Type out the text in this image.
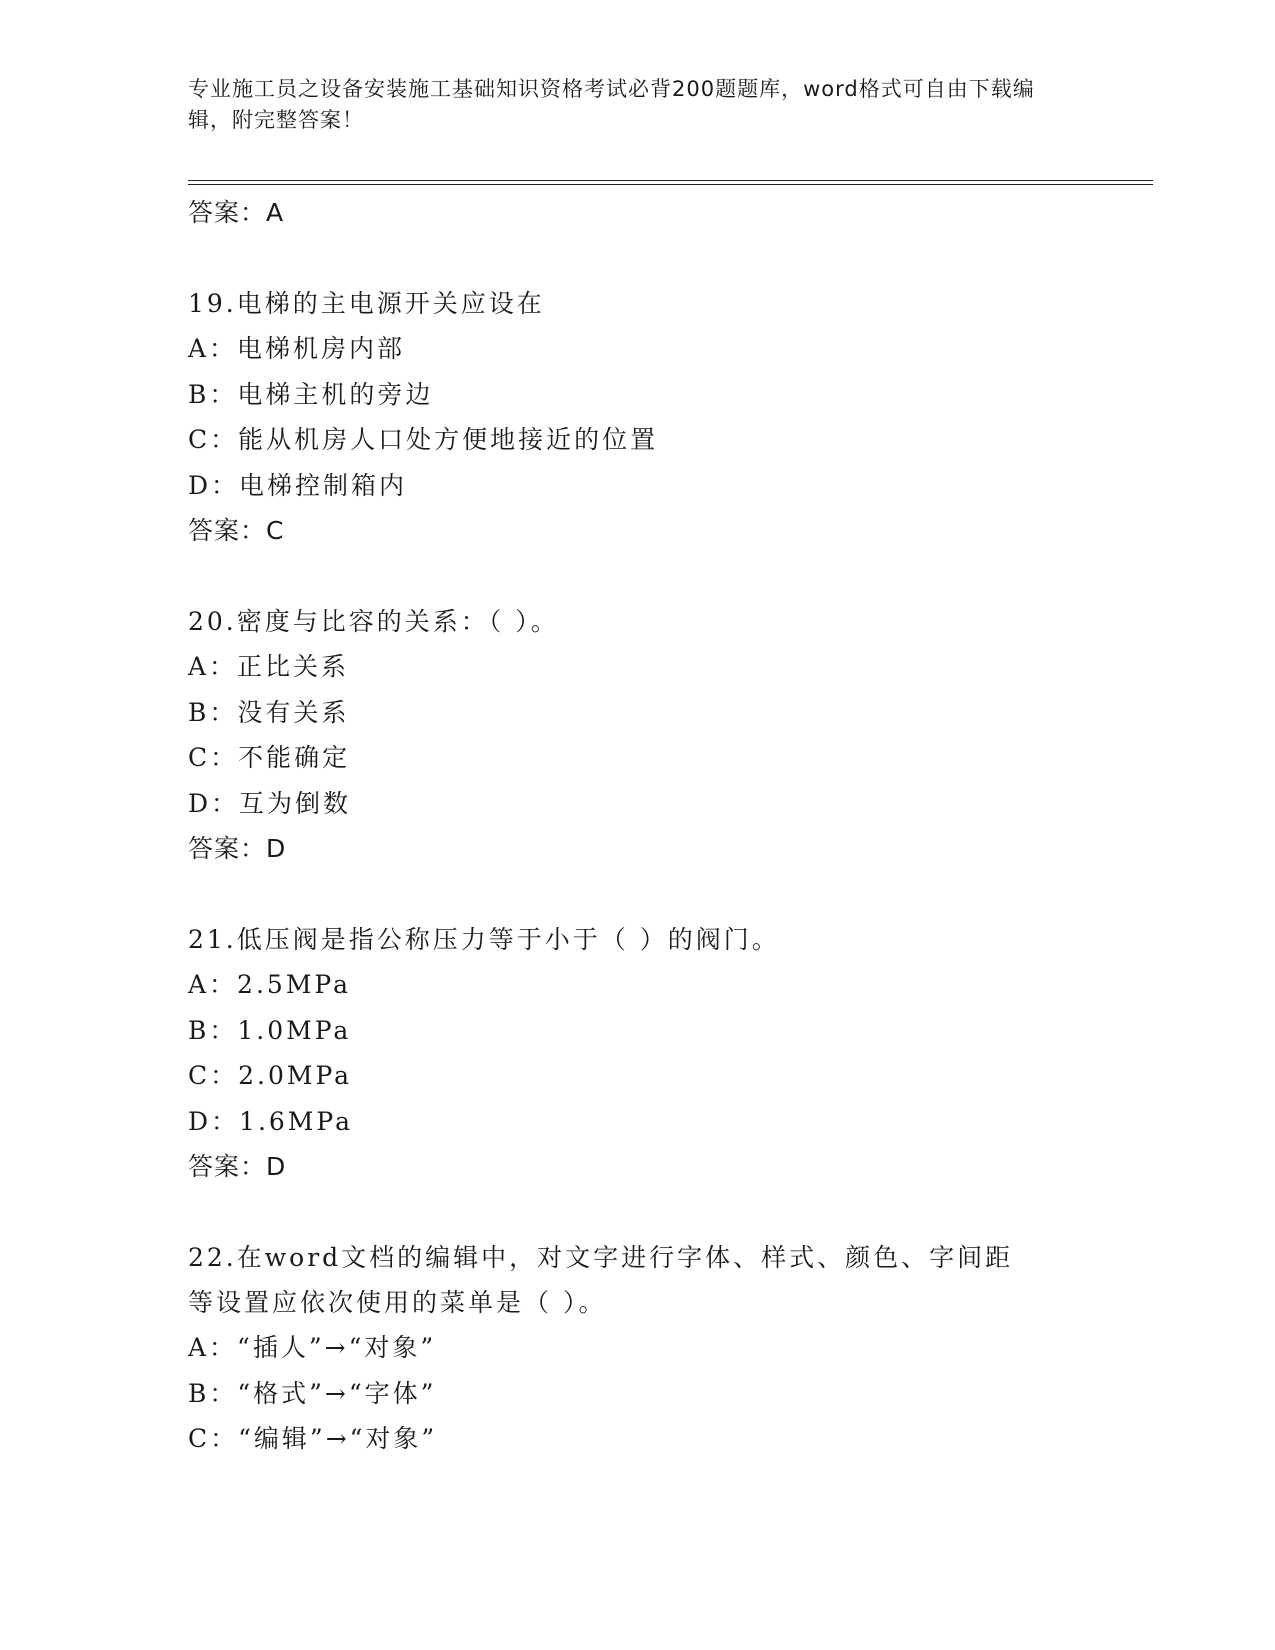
专业施工员之设备安装施工基础知识资格考试必背200题题库，word格式可自由下载编辑，附完整答案！
答案：A
19.电梯的主电源开关应设在
A：电梯机房内部
B：电梯主机的旁边
C：能从机房人口处方便地接近的位置
D：电梯控制箱内
答案：C
20.密度与比容的关系：（ ）。
A：正比关系
B：没有关系
C：不能确定
D：互为倒数
答案：D
21.低压阀是指公称压力等于小于（ ）的阀门。
A：2.5MPa
B：1.0MPa
C：2.0MPa
D：1.6MPa
答案：D
22.在word文档的编辑中，对文字进行字体、样式、颜色、字间距等设置应依次使用的菜单是（ ）。
A：“插人”→“对象”
B：“格式”→“字体”
C：“编辑”→“对象”
